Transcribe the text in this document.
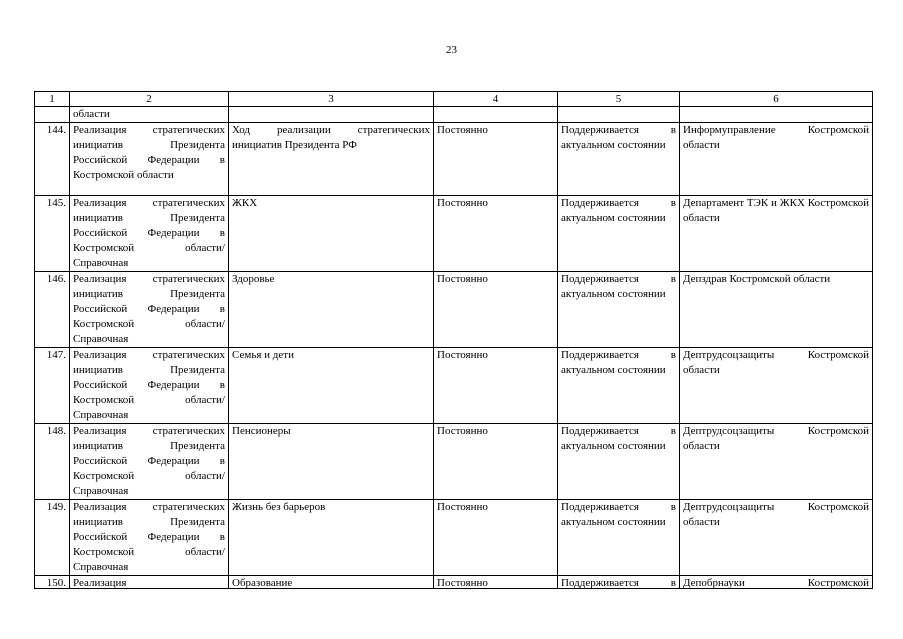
23
1	2	3	4	5	6
	области				
144.	Реализация стратегических инициатив Президента Российской Федерации в Костромской области	Ход реализации стратегических инициатив Президента РФ	Постоянно	Поддерживается в актуальном состоянии	Информуправление Костромской области
145.	Реализация стратегических инициатив Президента Российской Федерации в Костромской области/Справочная	ЖКХ	Постоянно	Поддерживается в актуальном состоянии	Департамент ТЭК и ЖКХ Костромской области
146.	Реализация стратегических инициатив Президента Российской Федерации в Костромской области/Справочная	Здоровье	Постоянно	Поддерживается в актуальном состоянии	Депздрав Костромской области
147.	Реализация стратегических инициатив Президента Российской Федерации в Костромской области/Справочная	Семья и дети	Постоянно	Поддерживается в актуальном состоянии	Дептрудсоцзащиты Костромской области
148.	Реализация стратегических инициатив Президента Российской Федерации в Костромской области/Справочная	Пенсионеры	Постоянно	Поддерживается в актуальном состоянии	Дептрудсоцзащиты Костромской области
149.	Реализация стратегических инициатив Президента Российской Федерации в Костромской области/Справочная	Жизнь без барьеров	Постоянно	Поддерживается в актуальном состоянии	Дептрудсоцзащиты Костромской области

150.	Реализация	Образование	Постоянно	Поддерживается в	Депобрнауки Костромской
